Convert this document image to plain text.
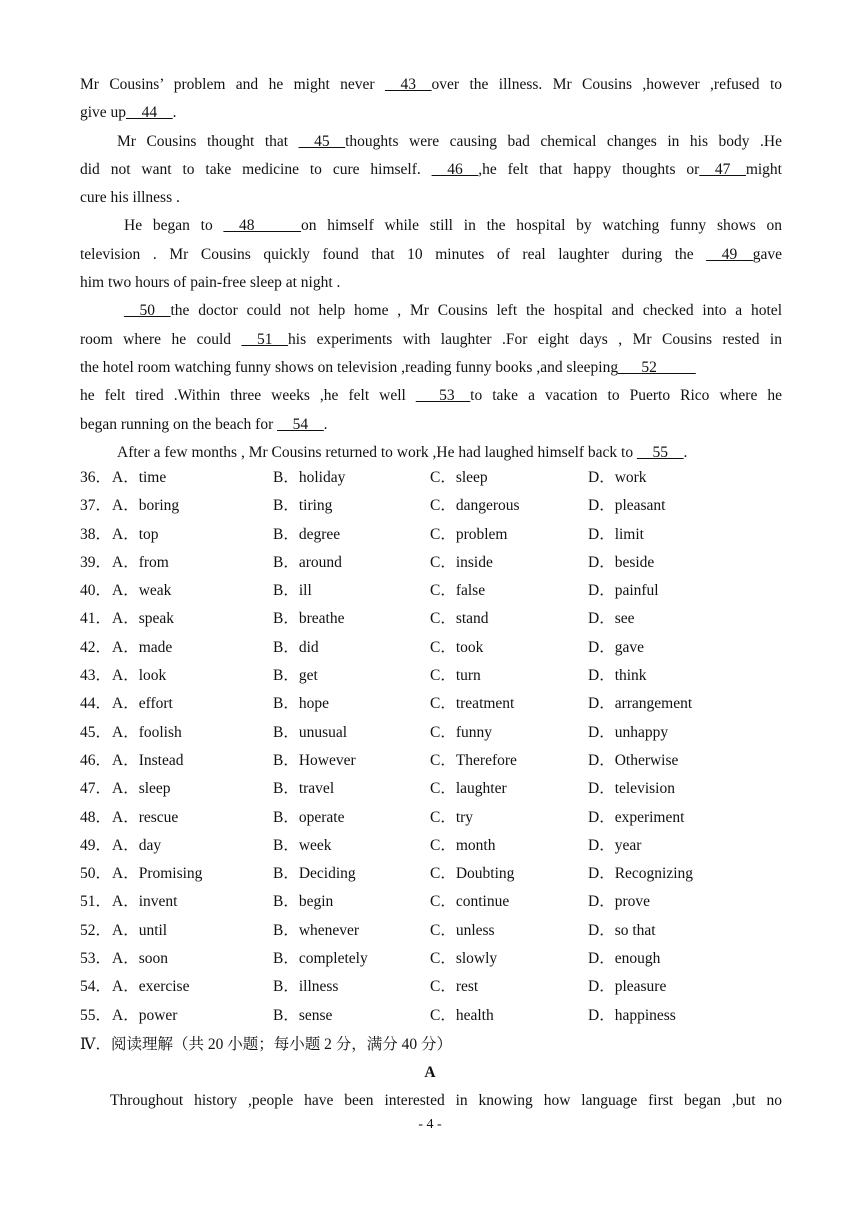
Mr Cousins’ problem and he might never __43__over the illness. Mr Cousins ,however ,refused to
give up__44__.
Mr Cousins thought that __45__thoughts were causing bad chemical changes in his body .He
did not want to take medicine to cure himself. __46__,he felt that happy thoughts or__47__might
cure his illness .
He began to __48______on himself while still in the hospital by watching funny shows on
television . Mr Cousins quickly found that 10 minutes of real laughter during the __49__gave
him two hours of pain-free sleep at night .
__50__the doctor could not help home , Mr Cousins left the hospital and checked into a hotel
room where he could __51__his experiments with laughter .For eight days , Mr Cousins rested in
the hotel room watching funny shows on television ,reading funny books ,and sleeping___52_____
he felt tired .Within three weeks ,he felt well ___53__to take a vacation to Puerto Rico where he
began running on the beach for __54__.
After a few months , Mr Cousins returned to work ,He had laughed himself back to __55__.
36． A．time	B．holiday	C．sleep	D．work
37． A．boring	B．tiring	C．dangerous	D．pleasant
38． A．top	B．degree	C．problem	D．limit
39． A．from	B．around	C．inside	D．beside
40． A．weak	B．ill	C．false	D．painful
41． A．speak	B．breathe	C．stand	D．see
42． A．made	B．did	C．took	D．gave
43． A．look	B．get	C．turn	D．think
44． A．effort	B．hope	C．treatment	D．arrangement
45． A．foolish	B．unusual	C．funny	D．unhappy
46． A．Instead	B．However	C．Therefore	D．Otherwise
47． A．sleep	B．travel	C．laughter	D．television
48． A．rescue	B．operate	C．try	D．experiment
49． A．day	B．week	C．month	D．year
50． A．Promising	B．Deciding	C．Doubting	D．Recognizing
51． A．invent	B．begin	C．continue	D．prove
52． A．until	B．whenever	C．unless	D．so that
53． A．soon	B．completely	C．slowly	D．enough
54． A．exercise	B．illness	C．rest	D．pleasure
55． A．power	B．sense	C．health	D．happiness
Ⅳ．阅读理解（共 20 小题；每小题 2 分，满分 40 分）
A
Throughout history ,people have been interested in knowing how language first began ,but no
- 4 -
